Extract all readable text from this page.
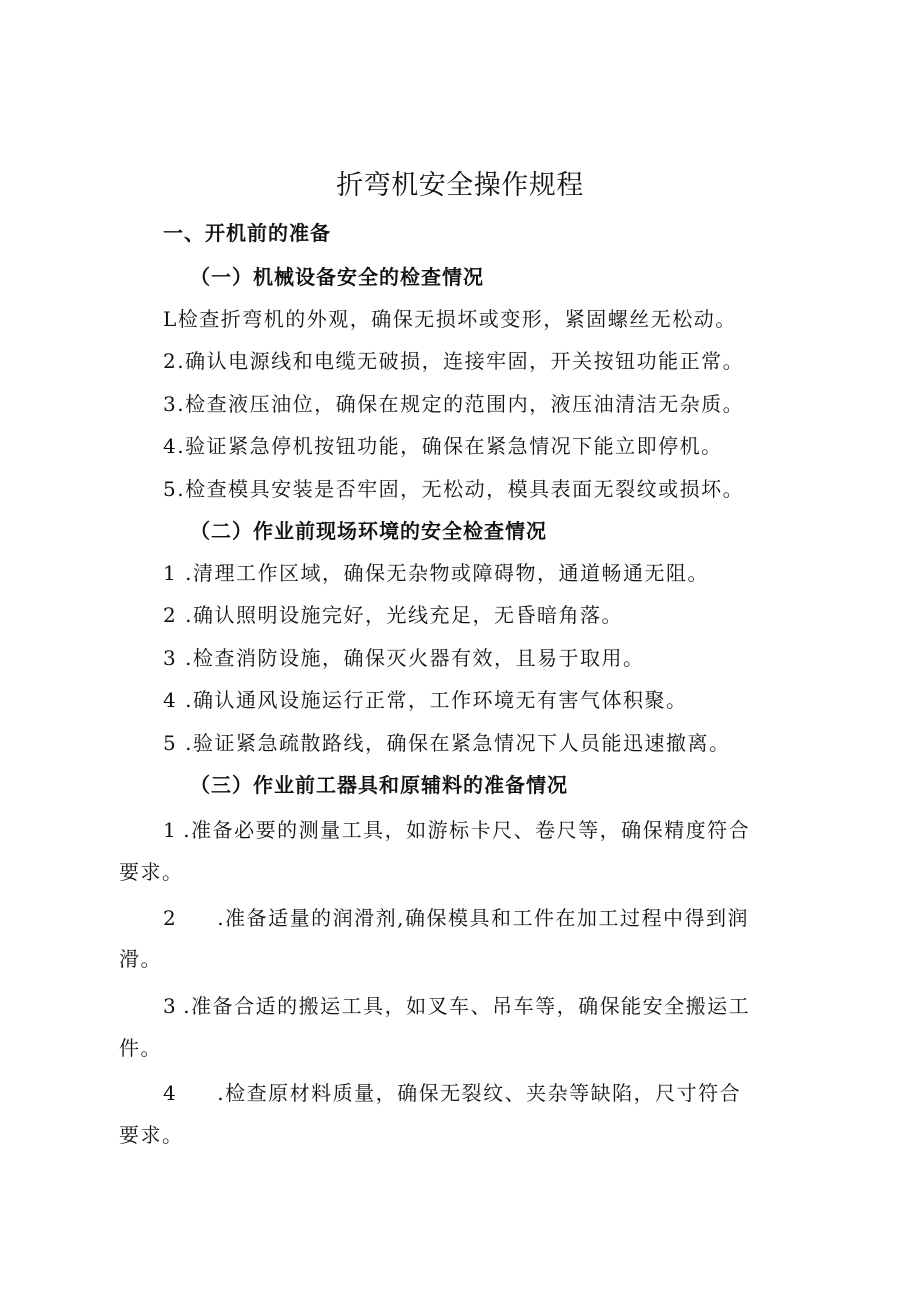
折弯机安全操作规程

一、开机前的准备

（一）机械设备安全的检查情况

L检查折弯机的外观，确保无损坏或变形，紧固螺丝无松动。

2.确认电源线和电缆无破损，连接牢固，开关按钮功能正常。

3.检查液压油位，确保在规定的范围内，液压油清洁无杂质。

4.验证紧急停机按钮功能，确保在紧急情况下能立即停机。

5.检查模具安装是否牢固，无松动，模具表面无裂纹或损坏。

（二）作业前现场环境的安全检查情况

1 .清理工作区域，确保无杂物或障碍物，通道畅通无阻。

2 .确认照明设施完好，光线充足，无昏暗角落。

3 .检查消防设施，确保灭火器有效，且易于取用。

4 .确认通风设施运行正常，工作环境无有害气体积聚。

5 .验证紧急疏散路线，确保在紧急情况下人员能迅速撤离。

（三）作业前工器具和原辅料的准备情况

1 .准备必要的测量工具，如游标卡尺、卷尺等，确保精度符合

要求。

2 .准备适量的润滑剂,确保模具和工件在加工过程中得到润

滑。

3 .准备合适的搬运工具，如叉车、吊车等，确保能安全搬运工

件。

4 .检查原材料质量，确保无裂纹、夹杂等缺陷，尺寸符合

要求。
